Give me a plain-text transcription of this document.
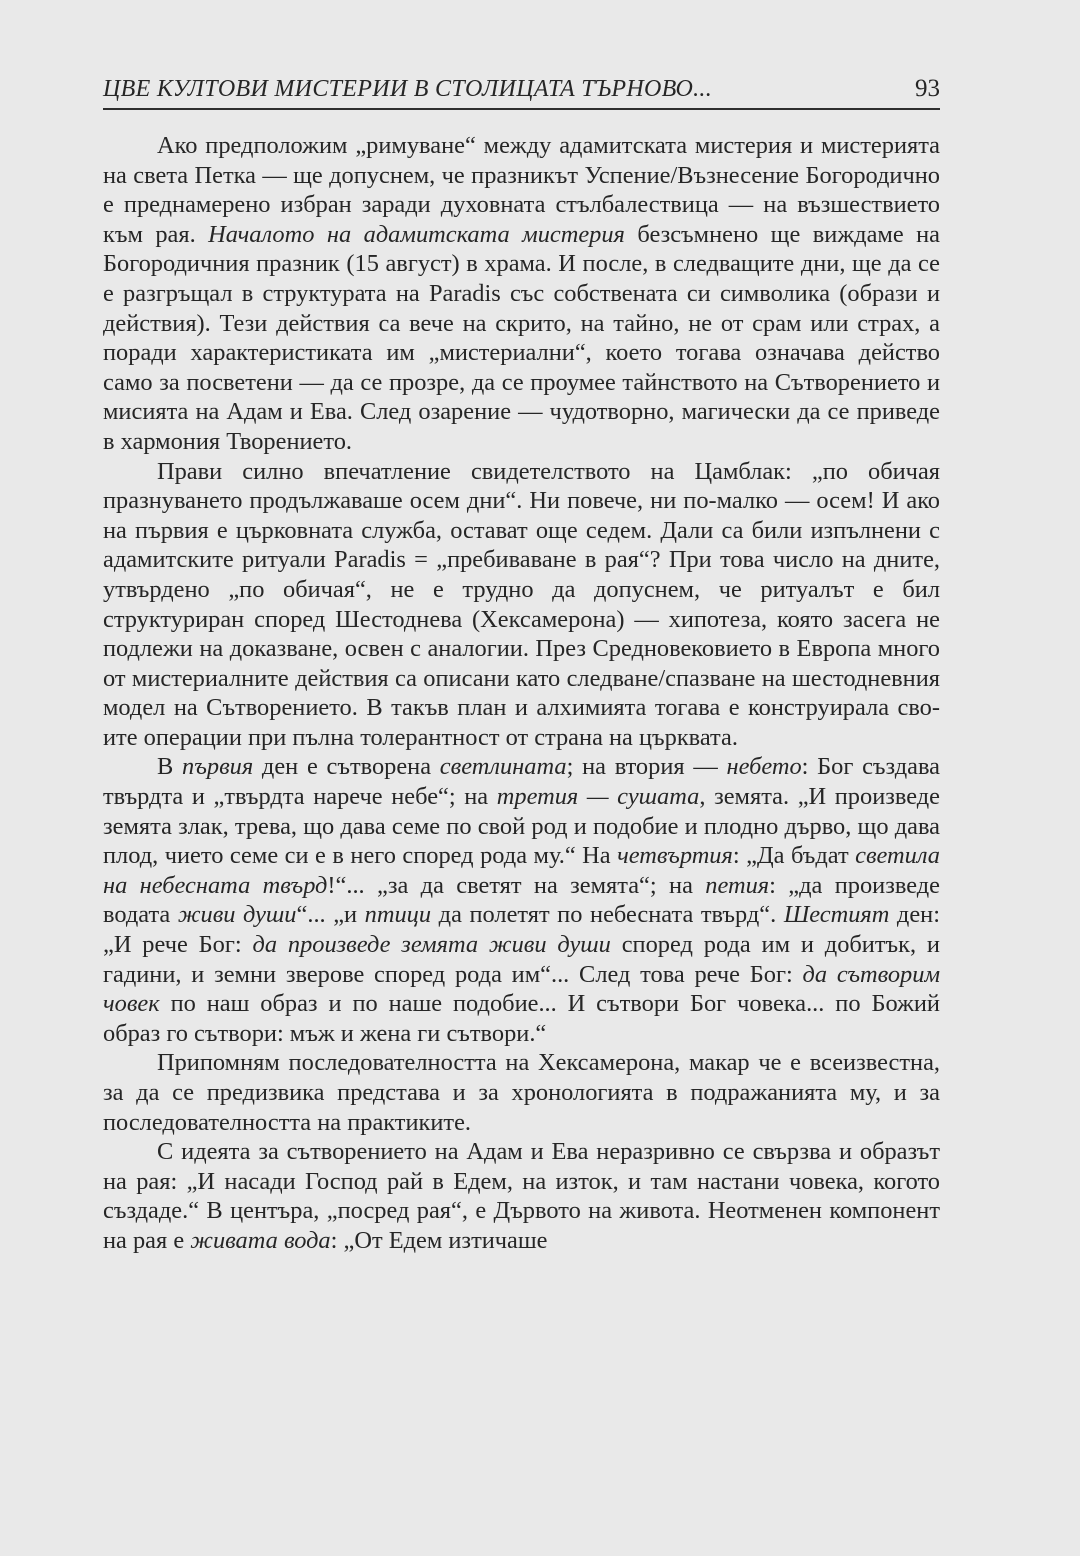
ЦВЕ КУЛТОВИ МИСТЕРИИ В СТОЛИЦАТА ТЪРНОВО...	93

Ако предположим „римуване“ между адамитската мистерия и мистерията на света Петка — ще допуснем, че празникът Успение/Възнесение Богородично е преднамерено избран заради духовната стълбалествица — на възшествието към рая. Началото на адамитската мистерия безсъмнено ще виждаме на Богородичния празник (15 август) в храма. И после, в следващите дни, ще да се е разгръщал в структурата на Paradis със собствената си символика (образи и действия). Тези действия са вече на скрито, на тайно, не от срам или страх, а поради характеристиката им „мистериални“, което тогава означава действо само за посветени — да се прозре, да се проумее тайнството на Сътворението и мисията на Адам и Ева. След озарение — чудотворно, магически да се приведе в хармония Творението.

Прави силно впечатление свидетелството на Цамблак: „по обичая празнуването продължаваше осем дни“. Ни повече, ни по-малко — осем! И ако на първия е църковната служба, остават още седем. Дали са били изпълнени с адамитските ритуали Paradis = „пребиваване в рая“? При това число на дните, утвърдено „по обичая“, не е трудно да допуснем, че ритуалът е бил структуриран според Шестоднева (Хексамерона) — хипотеза, която засега не подлежи на доказване, освен с аналогии. През Средновековието в Европа много от мистериалните действия са описани като следване/спазване на шестодневния модел на Сътворението. В такъв план и алхимията тогава е конструирала своите операции при пълна толерантност от страна на църквата.

В първия ден е сътворена светлината; на втория — небето: Бог създава твърдта и „твърдта нарече небе“; на третия — сушата, земята. „И произведе земята злак, трева, що дава семе по свой род и подобие и плодно дърво, що дава плод, чието семе си е в него според рода му.“ На четвъртия: „Да бъдат светила на небесната твърд!“... „за да светят на земята“; на петия: „да произведе водата живи души“... „и птици да полетят по небесната твърд“. Шестият ден: „И рече Бог: да произведе земята живи души според рода им и добитък, и гадини, и земни зверове според рода им“... След това рече Бог: да сътворим човек по наш образ и по наше подобие... И сътвори Бог човека... по Божий образ го сътвори: мъж и жена ги сътвори.“

Припомням последователността на Хексамерона, макар че е всеизвестна, за да се предизвика представа и за хронологията в подражанията му, и за последователността на практиките.

С идеята за сътворението на Адам и Ева неразривно се свързва и образът на рая: „И насади Господ рай в Едем, на изток, и там настани човека, когото създаде.“ В центъра, „посред рая“, е Дървото на живота. Неотменен компонент на рая е живата вода: „От Едем изтичаше
